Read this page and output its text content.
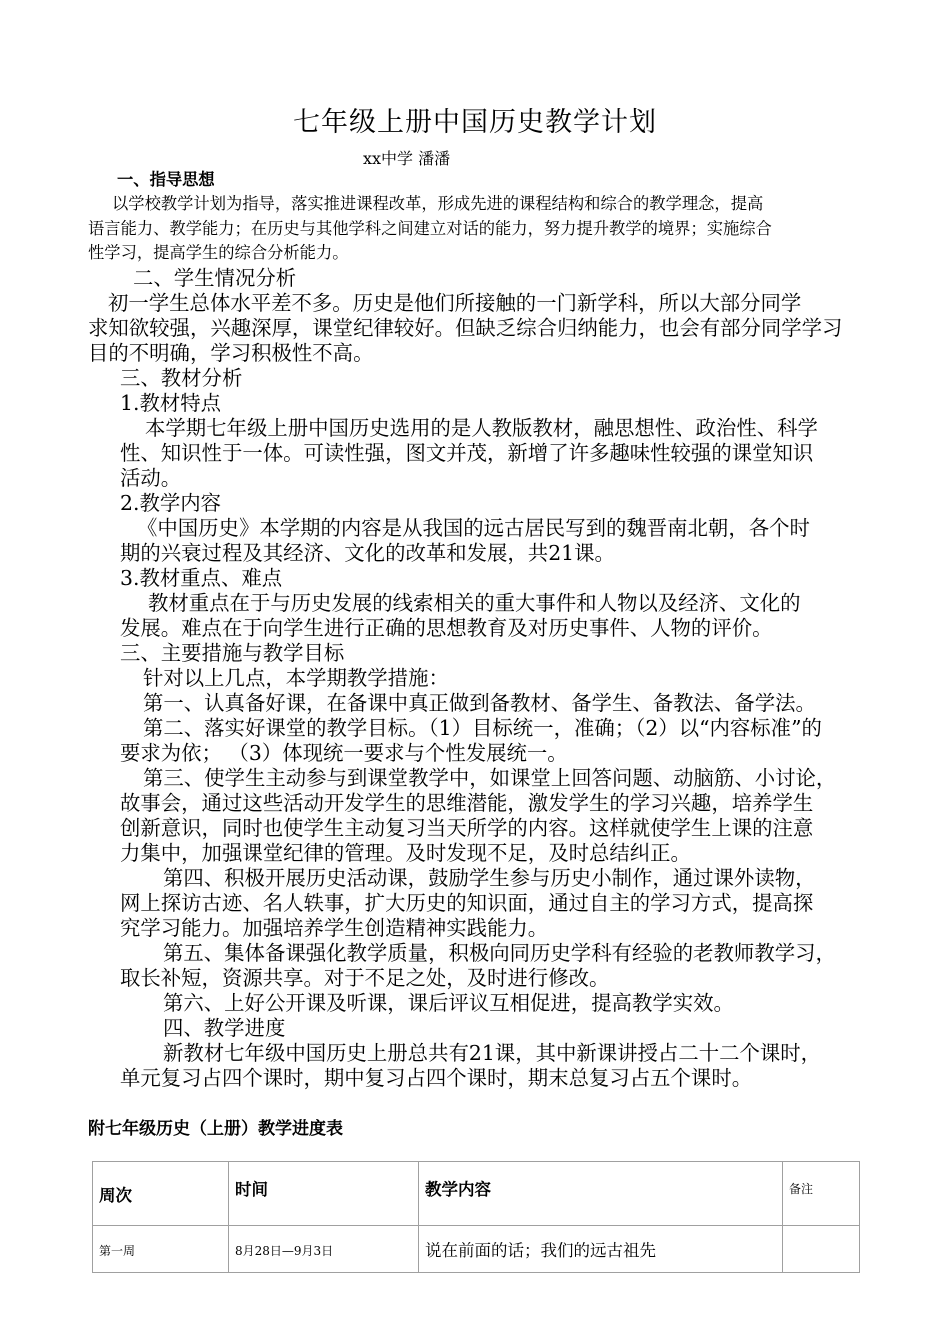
七年级上册中国历史教学计划
xx中学 潘潘
一、指导思想
以学校教学计划为指导，落实推进课程改革，形成先进的课程结构和综合的教学理念，提高
语言能力、教学能力；在历史与其他学科之间建立对话的能力，努力提升教学的境界；实施综合
性学习，提高学生的综合分析能力。
二、学生情况分析
初一学生总体水平差不多。历史是他们所接触的一门新学科，所以大部分同学
求知欲较强，兴趣深厚，课堂纪律较好。但缺乏综合归纳能力，也会有部分同学学习
目的不明确，学习积极性不高。
三、教材分析
1.教材特点
本学期七年级上册中国历史选用的是人教版教材，融思想性、政治性、科学
性、知识性于一体。可读性强，图文并茂，新增了许多趣味性较强的课堂知识
活动。
2.教学内容
《中国历史》本学期的内容是从我国的远古居民写到的魏晋南北朝，各个时
期的兴衰过程及其经济、文化的改革和发展，共21课。
3.教材重点、难点
教材重点在于与历史发展的线索相关的重大事件和人物以及经济、文化的
发展。难点在于向学生进行正确的思想教育及对历史事件、人物的评价。
三、主要措施与教学目标
针对以上几点，本学期教学措施：
第一、认真备好课，在备课中真正做到备教材、备学生、备教法、备学法。
第二、落实好课堂的教学目标。（1）目标统一，准确；（2）以“内容标准”的
要求为依； （3）体现统一要求与个性发展统一。
第三、使学生主动参与到课堂教学中，如课堂上回答问题、动脑筋、小讨论，
故事会，通过这些活动开发学生的思维潜能，激发学生的学习兴趣，培养学生
创新意识，同时也使学生主动复习当天所学的内容。这样就使学生上课的注意
力集中，加强课堂纪律的管理。及时发现不足，及时总结纠正。
第四、积极开展历史活动课，鼓励学生参与历史小制作，通过课外读物，
网上探访古迹、名人轶事，扩大历史的知识面，通过自主的学习方式，提高探
究学习能力。加强培养学生创造精神实践能力。
第五、集体备课强化教学质量，积极向同历史学科有经验的老教师教学习，
取长补短，资源共享。对于不足之处，及时进行修改。
第六、上好公开课及听课，课后评议互相促进，提高教学实效。
四、教学进度
新教材七年级中国历史上册总共有21课，其中新课讲授占二十二个课时，
单元复习占四个课时，期中复习占四个课时，期末总复习占五个课时。
附七年级历史（上册）教学进度表
周次	时间	教学内容	备注
第一周	8月28日—9月3日	说在前面的话；我们的远古祖先	
